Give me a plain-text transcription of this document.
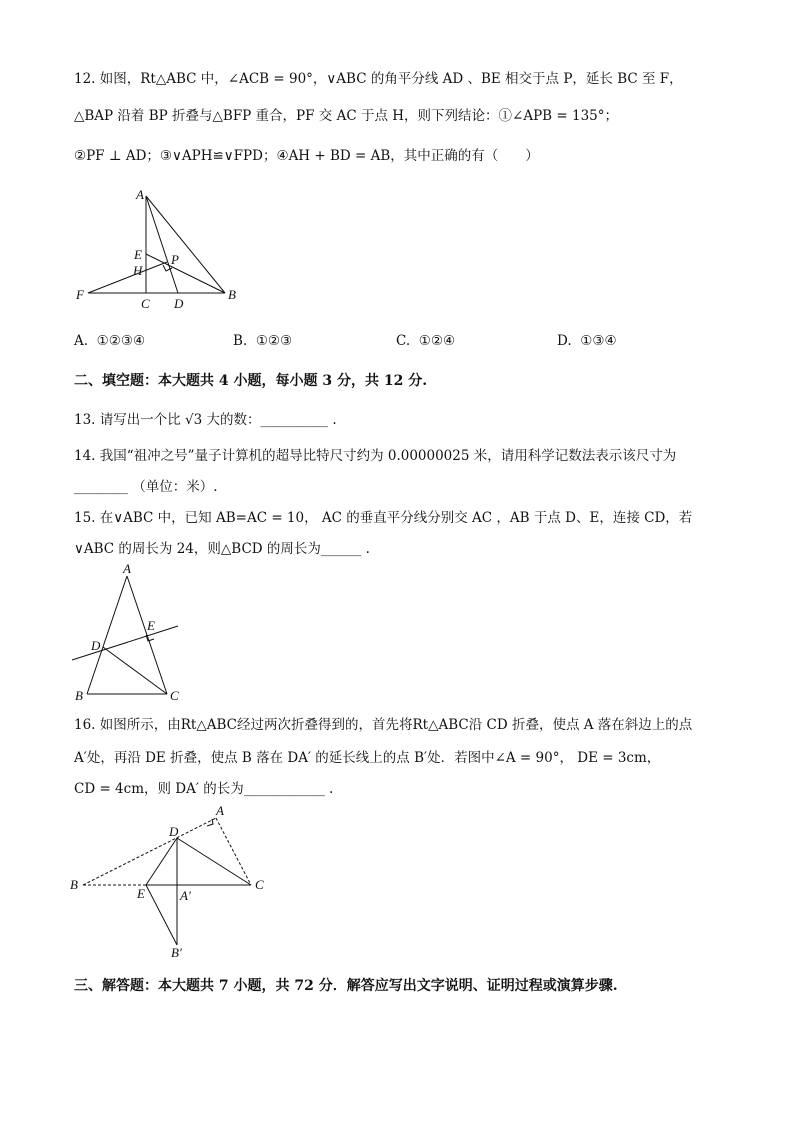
12. 如图，Rt△ABC 中，∠ACB = 90°，∨ABC 的角平分线 AD 、BE 相交于点 P，延长 BC 至 F，
△BAP 沿着 BP 折叠与△BFP 重合，PF 交 AC 于点 H，则下列结论：①∠APB = 135°；
②PF ⊥ AD；③∨APH≌∨FPD；④AH + BD = AB，其中正确的有（　　）
A
E P
H
F
C D
B
A. ①②③④	B. ①②③	C. ①②④	D. ①③④
二、填空题：本大题共 4 小题，每小题 3 分，共 12 分.
13. 请写出一个比 √3 大的数：__________ .
14. 我国“祖冲之号”量子计算机的超导比特尺寸约为 0.00000025 米，请用科学记数法表示该尺寸为
________ （单位：米）.
15. 在∨ABC 中，已知 AB=AC = 10， AC 的垂直平分线分别交 AC ，AB 于点 D、E，连接 CD，若
∨ABC 的周长为 24，则△BCD 的周长为______ .
A
E
D
B	C
16. 如图所示，由Rt△ABC经过两次折叠得到的，首先将Rt△ABC沿 CD 折叠，使点 A 落在斜边上的点
A′处，再沿 DE 折叠，使点 B 落在 DA′ 的延长线上的点 B′处．若图中∠A = 90°， DE = 3cm，
CD = 4cm，则 DA′ 的长为____________ .
A
D
B
E	A′
C
B′
三、解答题：本大题共 7 小题，共 72 分．解答应写出文字说明、证明过程或演算步骤.
